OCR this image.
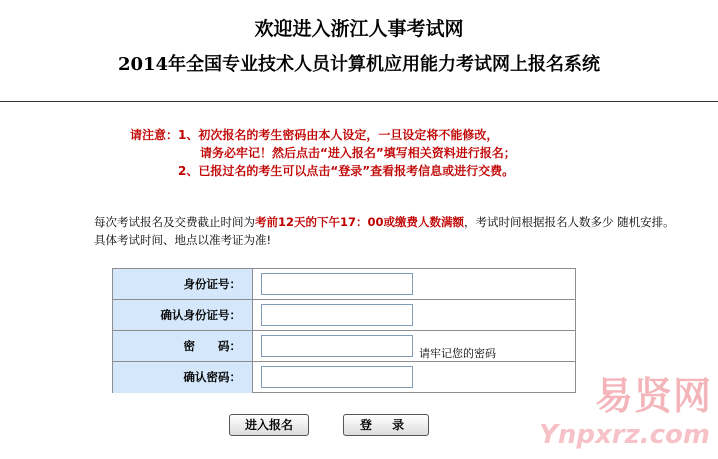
欢迎进入浙江人事考试网
2014年全国专业技术人员计算机应用能力考试网上报名系统
请注意：1、初次报名的考生密码由本人设定，一旦设定将不能修改，
请务必牢记！然后点击“进入报名”填写相关资料进行报名；
2、已报过名的考生可以点击“登录”查看报考信息或进行交费。
每次考试报名及交费截止时间为考前12天的下午17：00或缴费人数满额，考试时间根据报名人数多少 随机安排。
具体考试时间、地点以准考证为准!
身份证号：
确认身份证号：
密　　码：
请牢记您的密码
确认密码：
进入报名	登 录
易贤网
Ynpxrz.com
